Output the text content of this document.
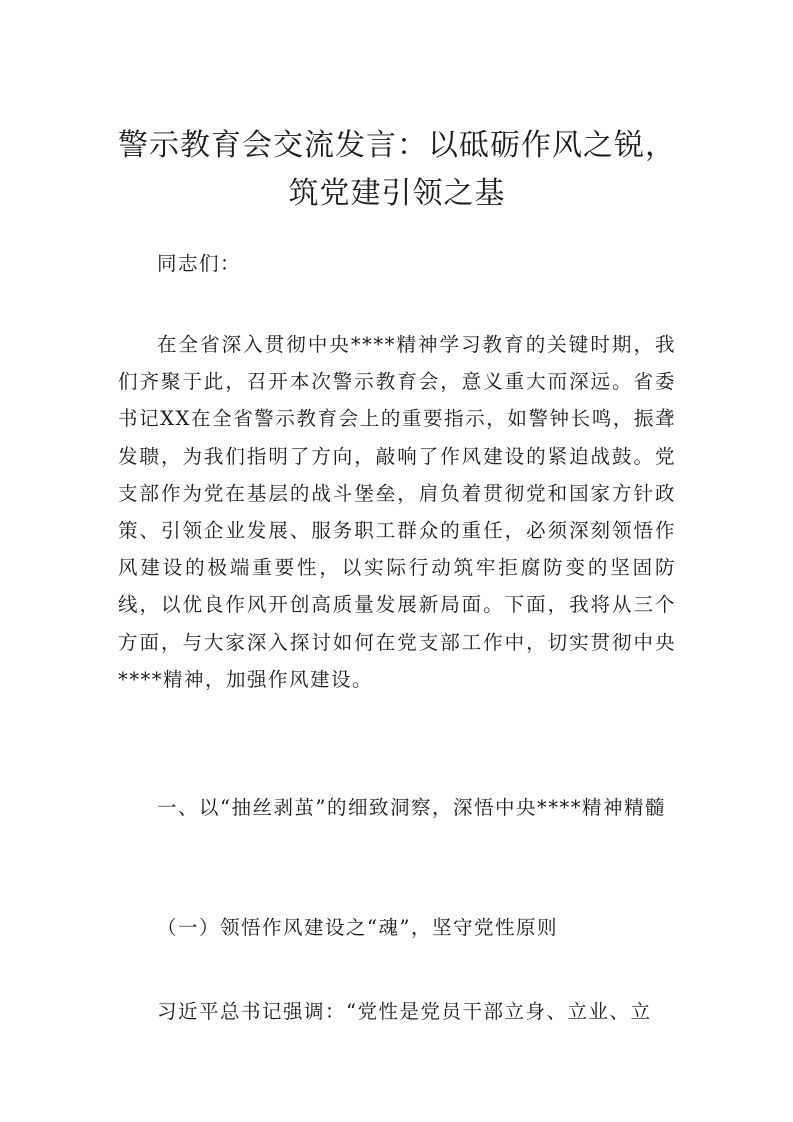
警示教育会交流发言：以砥砺作风之锐，筑党建引领之基

同志们：

在全省深入贯彻中央****精神学习教育的关键时期，我们齐聚于此，召开本次警示教育会，意义重大而深远。省委书记XX在全省警示教育会上的重要指示，如警钟长鸣，振聋发聩，为我们指明了方向，敲响了作风建设的紧迫战鼓。党支部作为党在基层的战斗堡垒，肩负着贯彻党和国家方针政策、引领企业发展、服务职工群众的重任，必须深刻领悟作风建设的极端重要性，以实际行动筑牢拒腐防变的坚固防线，以优良作风开创高质量发展新局面。下面，我将从三个方面，与大家深入探讨如何在党支部工作中，切实贯彻中央****精神，加强作风建设。

一、以“抽丝剥茧”的细致洞察，深悟中央****精神精髓

（一）领悟作风建设之“魂”，坚守党性原则

习近平总书记强调：“党性是党员干部立身、立业、立
